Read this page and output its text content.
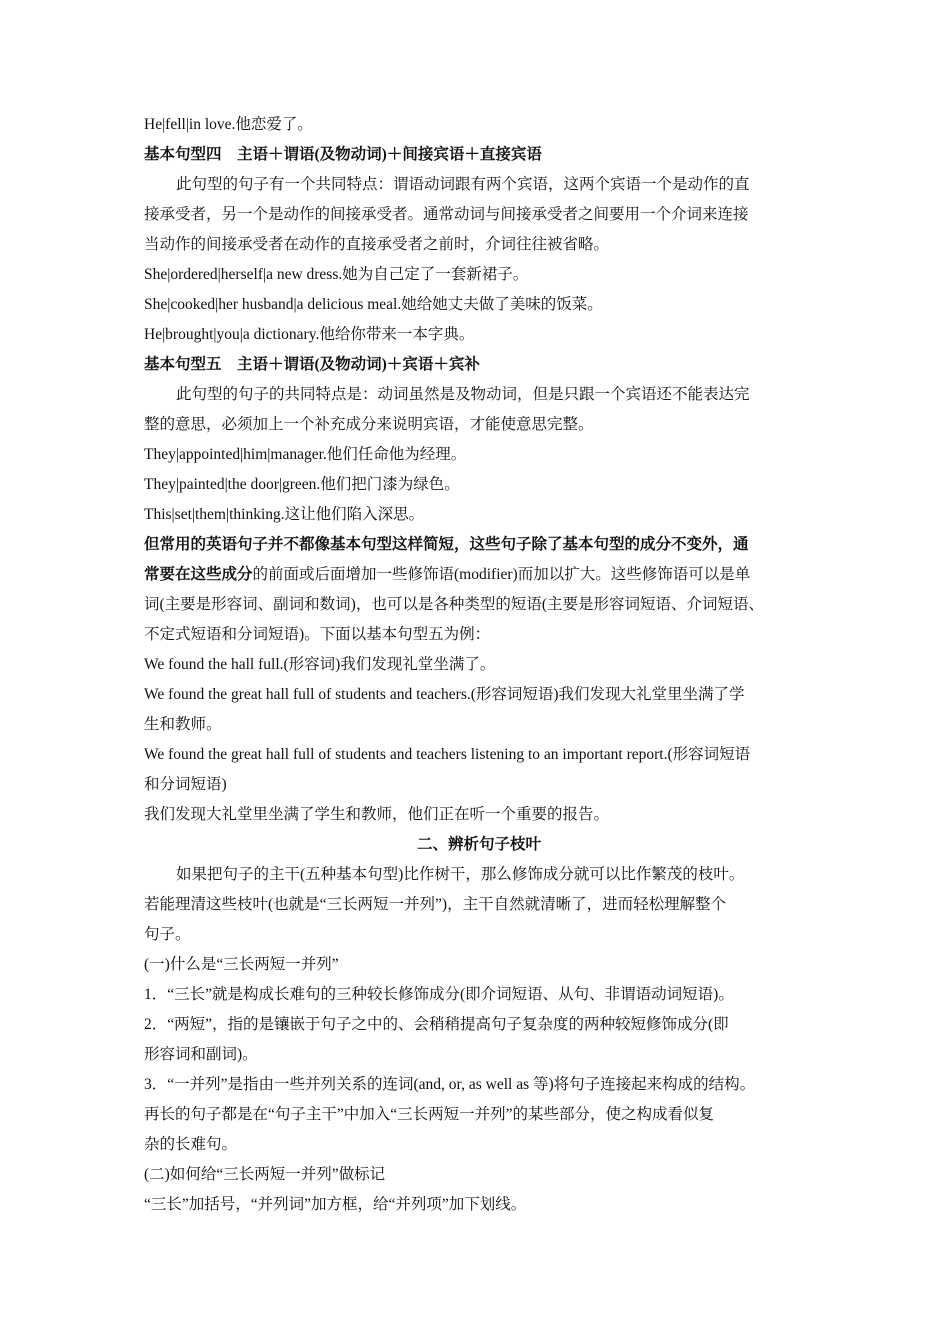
He|fell|in love.他恋爱了。

基本句型四　主语＋谓语(及物动词)＋间接宾语＋直接宾语

此句型的句子有一个共同特点：谓语动词跟有两个宾语，这两个宾语一个是动作的直

接承受者，另一个是动作的间接承受者。通常动词与间接承受者之间要用一个介词来连接

当动作的间接承受者在动作的直接承受者之前时，介词往往被省略。

She|ordered|herself|a new dress.她为自己定了一套新裙子。

She|cooked|her husband|a delicious meal.她给她丈夫做了美味的饭菜。

He|brought|you|a dictionary.他给你带来一本字典。

基本句型五　主语＋谓语(及物动词)＋宾语＋宾补

此句型的句子的共同特点是：动词虽然是及物动词，但是只跟一个宾语还不能表达完

整的意思，必须加上一个补充成分来说明宾语，才能使意思完整。

They|appointed|him|manager.他们任命他为经理。

They|painted|the door|green.他们把门漆为绿色。

This|set|them|thinking.这让他们陷入深思。

但常用的英语句子并不都像基本句型这样简短，这些句子除了基本句型的成分不变外，通

常要在这些成分的前面或后面增加一些修饰语(modifier)而加以扩大。这些修饰语可以是单

词(主要是形容词、副词和数词)，也可以是各种类型的短语(主要是形容词短语、介词短语、

不定式短语和分词短语)。下面以基本句型五为例：

We found the hall full.(形容词)我们发现礼堂坐满了。

We found the great hall full of students and teachers.(形容词短语)我们发现大礼堂里坐满了学

生和教师。

We found the great hall full of students and teachers listening to an important report.(形容词短语

和分词短语)

我们发现大礼堂里坐满了学生和教师，他们正在听一个重要的报告。

二、辨析句子枝叶

如果把句子的主干(五种基本句型)比作树干，那么修饰成分就可以比作繁茂的枝叶。

若能理清这些枝叶(也就是“三长两短一并列”)，主干自然就清晰了，进而轻松理解整个

句子。

(一)什么是“三长两短一并列”

1．“三长”就是构成长难句的三种较长修饰成分(即介词短语、从句、非谓语动词短语)。

2．“两短”，指的是镶嵌于句子之中的、会稍稍提高句子复杂度的两种较短修饰成分(即

形容词和副词)。

3．“一并列”是指由一些并列关系的连词(and, or, as well as 等)将句子连接起来构成的结构。

再长的句子都是在“句子主干”中加入“三长两短一并列”的某些部分，使之构成看似复

杂的长难句。

(二)如何给“三长两短一并列”做标记

“三长”加括号，“并列词”加方框，给“并列项”加下划线。
